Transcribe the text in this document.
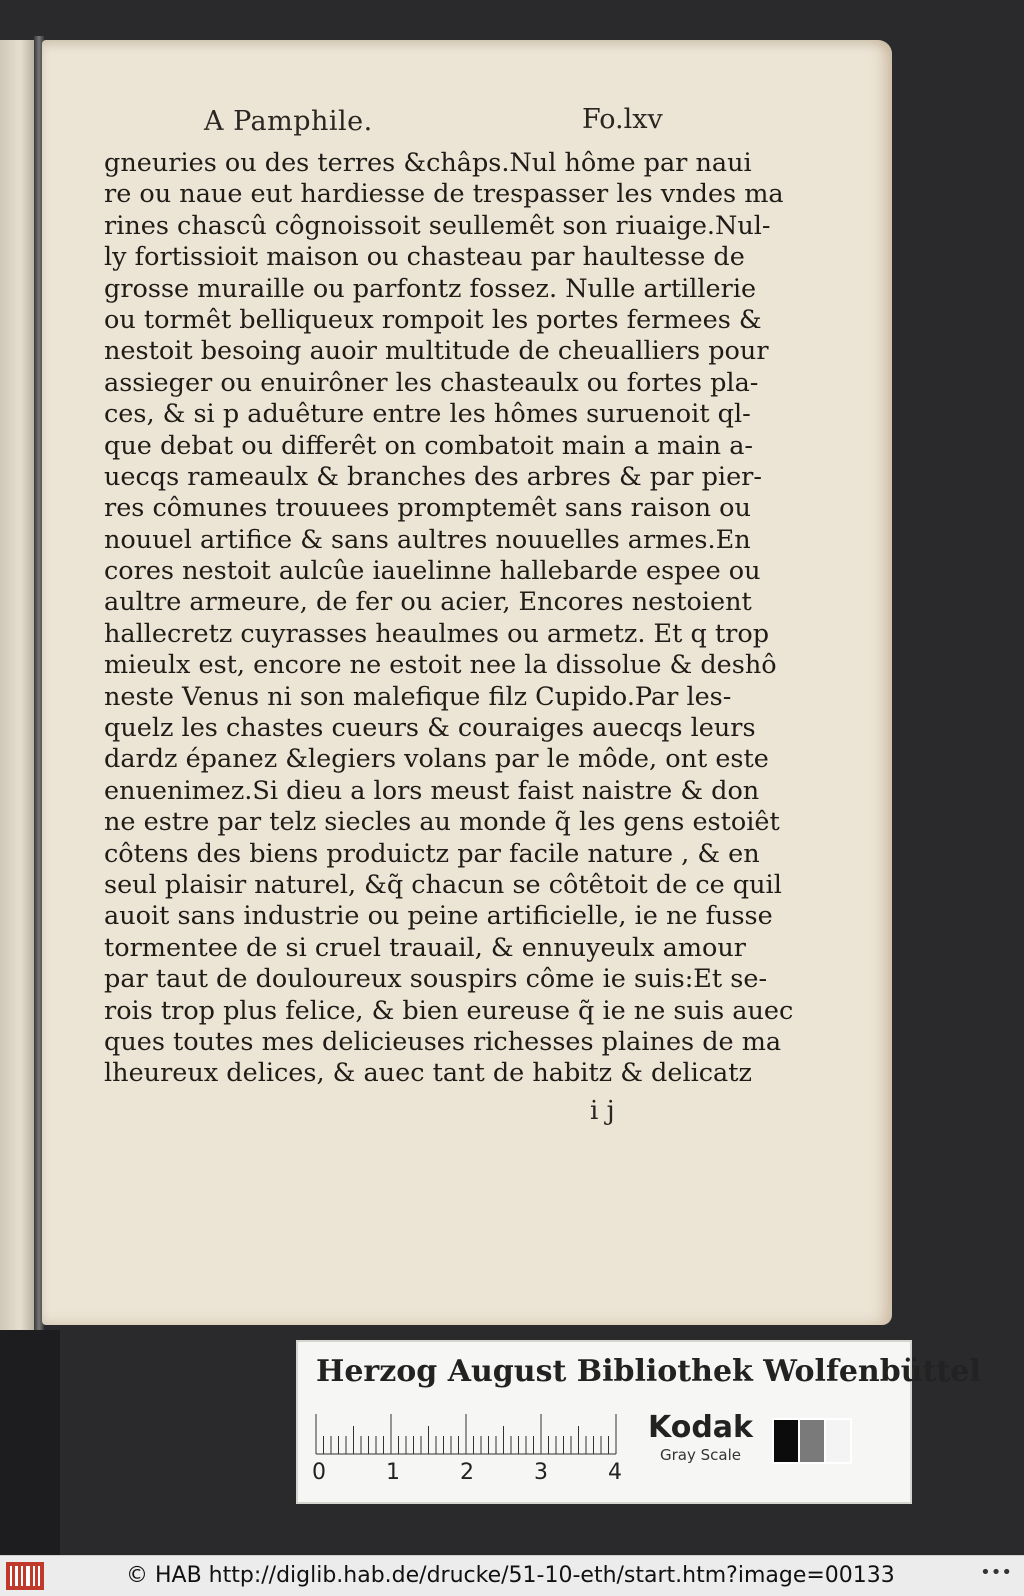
A Pamphile.	Fo.lxv
gneuries ou des terres &châps.Nul hôme par naui
re ou naue eut hardiesse de trespasser les vndes ma
rines chascû côgnoissoit seullemêt son riuaige.Nul-
ly fortissioit maison ou chasteau par haultesse de
grosse muraille ou parfontz fossez. Nulle artillerie
ou tormêt belliqueux rompoit les portes fermees &
nestoit besoing auoir multitude de cheualliers pour
assieger ou enuirôner les chasteaulx ou fortes pla-
ces, & si p aduêture entre les hômes suruenoit ql-
que debat ou differêt on combatoit main a main a-
uecqs rameaulx & branches des arbres & par pier-
res cômunes trouuees promptemêt sans raison ou
nouuel artifice & sans aultres nouuelles armes.En
cores nestoit aulcûe iauelinne hallebarde espee ou
aultre armeure, de fer ou acier, Encores nestoient
hallecretz cuyrasses heaulmes ou armetz. Et q trop
mieulx est, encore ne estoit nee la dissolue & deshô
neste Venus ni son malefique filz Cupido.Par les-
quelz les chastes cueurs & couraiges auecqs leurs
dardz épanez &legiers volans par le môde, ont este
enuenimez.Si dieu a lors meust faist naistre & don
ne estre par telz siecles au monde q̃ les gens estoiêt
côtens des biens produictz par facile nature , & en
seul plaisir naturel, &q̃ chacun se côtêtoit de ce quil
auoit sans industrie ou peine artificielle, ie ne fusse
tormentee de si cruel trauail, & ennuyeulx amour
par taut de douloureux souspirs côme ie suis:Et se-
rois trop plus felice, & bien eureuse q̃ ie ne suis auec
ques toutes mes delicieuses richesses plaines de ma
lheureux delices, & auec tant de habitz & delicatz
i j
Herzog August Bibliothek Wolfenbüttel
0	1	2	3	4
Kodak
Gray Scale
© HAB http://diglib.hab.de/drucke/51-10-eth/start.htm?image=00133	•••
